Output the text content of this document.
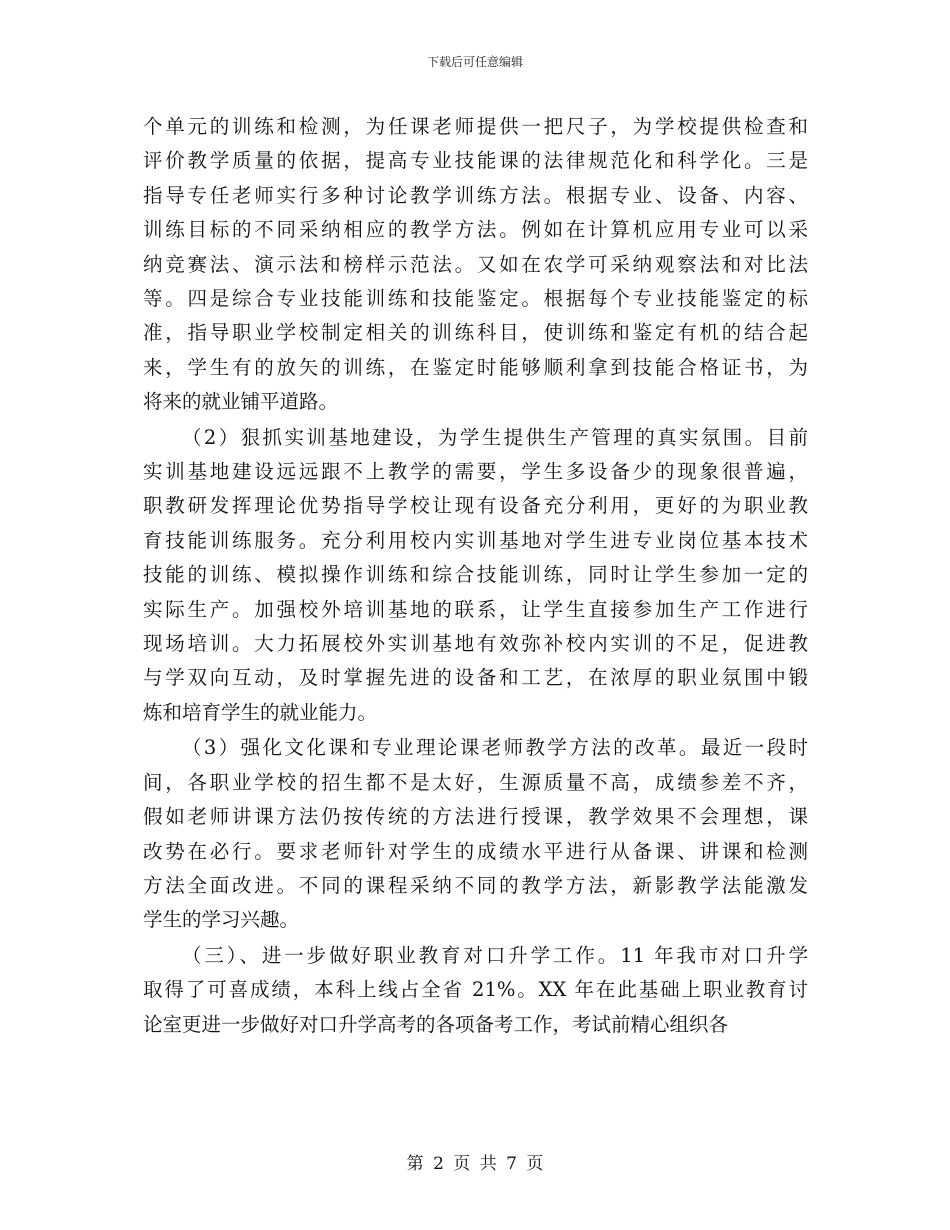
下载后可任意编辑
个单元的训练和检测，为任课老师提供一把尺子，为学校提供检查和
评价教学质量的依据，提高专业技能课的法律规范化和科学化。三是
指导专任老师实行多种讨论教学训练方法。根据专业、设备、内容、
训练目标的不同采纳相应的教学方法。例如在计算机应用专业可以采
纳竞赛法、演示法和榜样示范法。又如在农学可采纳观察法和对比法
等。四是综合专业技能训练和技能鉴定。根据每个专业技能鉴定的标
准，指导职业学校制定相关的训练科目，使训练和鉴定有机的结合起
来，学生有的放矢的训练，在鉴定时能够顺利拿到技能合格证书，为
将来的就业铺平道路。
（2）狠抓实训基地建设，为学生提供生产管理的真实氛围。目前
实训基地建设远远跟不上教学的需要，学生多设备少的现象很普遍，
职教研发挥理论优势指导学校让现有设备充分利用，更好的为职业教
育技能训练服务。充分利用校内实训基地对学生进专业岗位基本技术
技能的训练、模拟操作训练和综合技能训练，同时让学生参加一定的
实际生产。加强校外培训基地的联系，让学生直接参加生产工作进行
现场培训。大力拓展校外实训基地有效弥补校内实训的不足，促进教
与学双向互动，及时掌握先进的设备和工艺，在浓厚的职业氛围中锻
炼和培育学生的就业能力。
（3）强化文化课和专业理论课老师教学方法的改革。最近一段时
间，各职业学校的招生都不是太好，生源质量不高，成绩参差不齐，
假如老师讲课方法仍按传统的方法进行授课，教学效果不会理想，课
改势在必行。要求老师针对学生的成绩水平进行从备课、讲课和检测
方法全面改进。不同的课程采纳不同的教学方法，新影教学法能激发
学生的学习兴趣。
（三）、进一步做好职业教育对口升学工作。11 年我市对口升学
取得了可喜成绩，本科上线占全省 21%。XX 年在此基础上职业教育讨
论室更进一步做好对口升学高考的各项备考工作，考试前精心组织各
第 2 页 共 7 页
